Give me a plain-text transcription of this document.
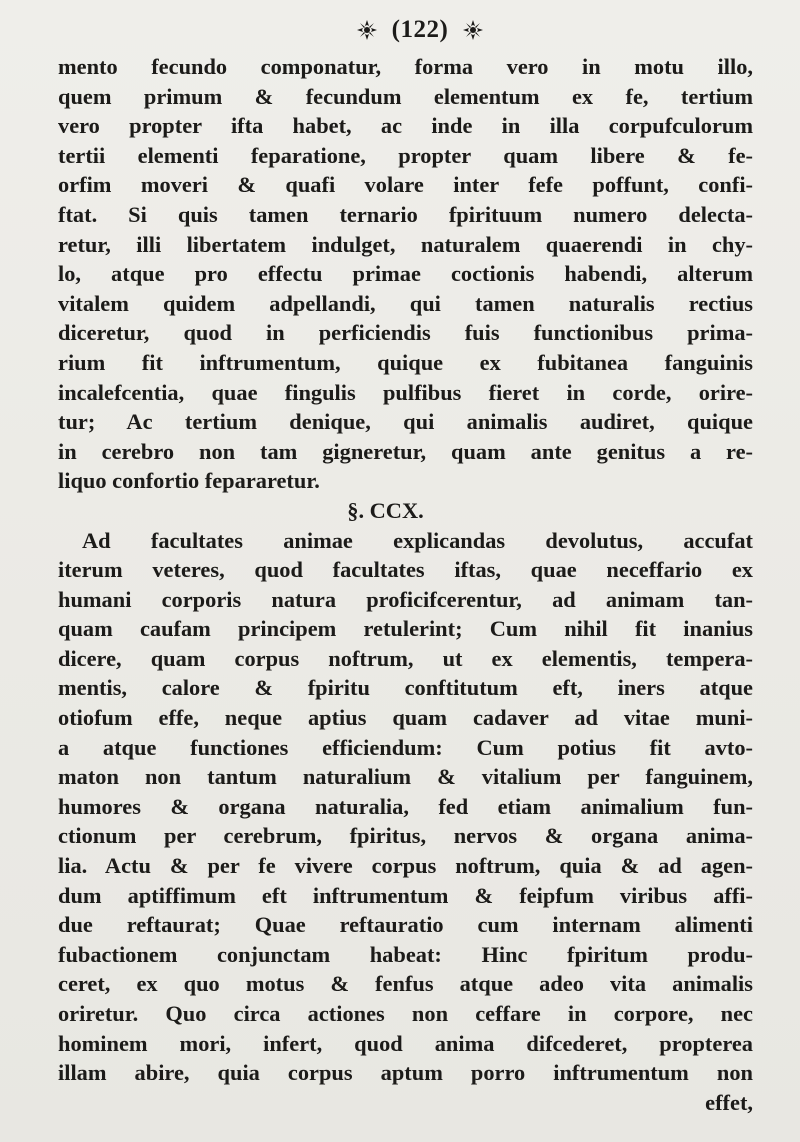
(122)
mento fecundo componatur, forma vero in motu illo,
quem primum & fecundum elementum ex fe, tertium
vero propter ifta habet, ac inde in illa corpufculorum
tertii elementi feparatione, propter quam libere & fe-
orfim moveri & quafi volare inter fefe poffunt, confi-
ftat. Si quis tamen ternario fpirituum numero delecta-
retur, illi libertatem indulget, naturalem quaerendi in chy-
lo, atque pro effectu primae coctionis habendi, alterum
vitalem quidem adpellandi, qui tamen naturalis rectius
diceretur, quod in perficiendis fuis functionibus prima-
rium fit inftrumentum, quique ex fubitanea fanguinis
incalefcentia, quae fingulis pulfibus fieret in corde, orire-
tur; Ac tertium denique, qui animalis audiret, quique
in cerebro non tam gigneretur, quam ante genitus a re-
liquo confortio fepararetur.
§. CCX.
Ad facultates animae explicandas devolutus, accufat
iterum veteres, quod facultates iftas, quae neceffario ex
humani corporis natura proficifcerentur, ad animam tan-
quam caufam principem retulerint; Cum nihil fit inanius
dicere, quam corpus noftrum, ut ex elementis, tempera-
mentis, calore & fpiritu conftitutum eft, iners atque
otiofum effe, neque aptius quam cadaver ad vitae muni-
a atque functiones efficiendum: Cum potius fit avto-
maton non tantum naturalium & vitalium per fanguinem,
humores & organa naturalia, fed etiam animalium fun-
ctionum per cerebrum, fpiritus, nervos & organa anima-
lia. Actu & per fe vivere corpus noftrum, quia & ad agen-
dum aptiffimum eft inftrumentum & feipfum viribus affi-
due reftaurat; Quae reftauratio cum internam alimenti
fubactionem conjunctam habeat: Hinc fpiritum produ-
ceret, ex quo motus & fenfus atque adeo vita animalis
oriretur. Quo circa actiones non ceffare in corpore, nec
hominem mori, infert, quod anima difcederet, propterea
illam abire, quia corpus aptum porro inftrumentum non
effet,
